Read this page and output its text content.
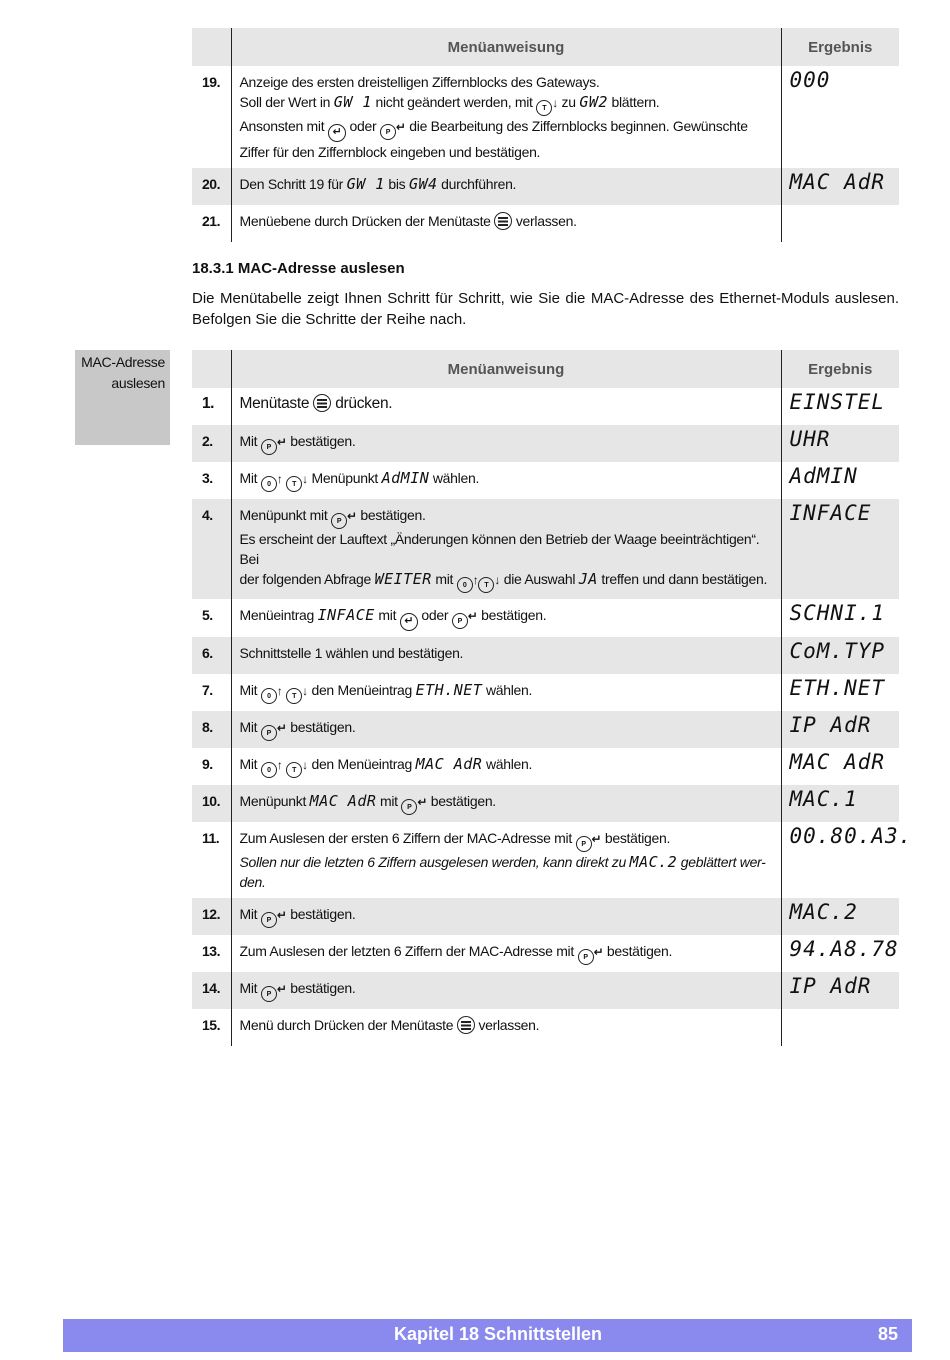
	Menüanweisung	Ergebnis
19.	Anzeige des ersten dreistelligen Ziffernblocks des Gateways.
Soll der Wert in GW 1 nicht geändert werden, mit T ↓ zu GW2 blättern.
Ansonsten mit ↵ oder P ↵ die Bearbeitung des Ziffernblocks beginnen. Gewünschte
Ziffer für den Ziffernblock eingeben und bestätigen.	000
20.	Den Schritt 19 für GW 1 bis GW4 durchführen.	MAC AdR
21.	Menüebene durch Drücken der Menütaste verlassen.	
18.3.1 MAC-Adresse auslesen
Die Menütabelle zeigt Ihnen Schritt für Schritt, wie Sie die MAC-Adresse des Ethernet-Moduls auslesen. Befolgen Sie die Schritte der Reihe nach.
MAC-Adresse
auslesen
	Menüanweisung	Ergebnis
1.	Menütaste drücken.	EINSTEL
2.	Mit P ↵ bestätigen.	UHR
3.	Mit 0 ↑ T ↓ Menüpunkt AdMIN wählen.	AdMIN
4.	Menüpunkt mit P ↵ bestätigen.
Es erscheint der Lauftext „Änderungen können den Betrieb der Waage beeinträchtigen“. Bei
der folgenden Abfrage WEITER mit 0 ↑ T ↓ die Auswahl JA treffen und dann bestätigen.	INFACE
5.	Menüeintrag INFACE mit ↵ oder P ↵ bestätigen.	SCHNI.1
6.	Schnittstelle 1 wählen und bestätigen.	CoM.TYP
7.	Mit 0 ↑ T ↓ den Menüeintrag ETH.NET wählen.	ETH.NET
8.	Mit P ↵ bestätigen.	IP AdR
9.	Mit 0 ↑ T ↓ den Menüeintrag MAC AdR wählen.	MAC AdR
10.	Menüpunkt MAC AdR mit P ↵ bestätigen.	MAC.1
11.	Zum Auslesen der ersten 6 Ziffern der MAC-Adresse mit P ↵ bestätigen.
Sollen nur die letzten 6 Ziffern ausgelesen werden, kann direkt zu MAC.2 geblättert wer-
den.	00.80.A3.
12.	Mit P ↵ bestätigen.	MAC.2
13.	Zum Auslesen der letzten 6 Ziffern der MAC-Adresse mit P ↵ bestätigen.	94.A8.78
14.	Mit P ↵ bestätigen.	IP AdR
15.	Menü durch Drücken der Menütaste verlassen.	
Kapitel 18 Schnittstellen	85
